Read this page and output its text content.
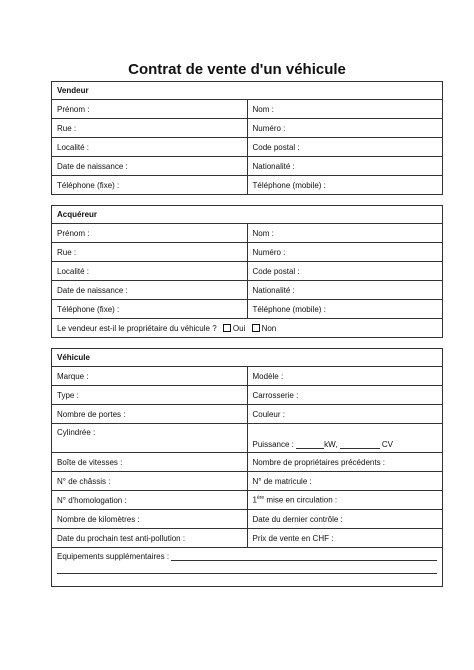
Contrat de vente d'un véhicule
Vendeur	
Prénom :	Nom :
Rue :	Numéro :
Localité :	Code postal :
Date de naissance :	Nationalité :
Téléphone (fixe) :	Téléphone (mobile) :
Acquéreur	
Prénom :	Nom :
Rue :	Numéro :
Localité :	Code postal :
Date de naissance :	Nationalité :
Téléphone (fixe) :	Téléphone (mobile) :
Le vendeur est-il le propriétaire du véhicule ? Oui Non	
Véhicule	
Marque :	Modèle :
Type :	Carrosserie :
Nombre de portes :	Couleur :
Cylindrée :	Puissance : kW, CV
Boîte de vitesses :	Nombre de propriétaires précédents :
N° de châssis :	N° de matricule :
N° d'homologation :	1ère mise en circulation :
Nombre de kilomètres :	Date du dernier contrôle :
Date du prochain test anti-pollution :	Prix de vente en CHF :
Equipements supplémentaires :	
